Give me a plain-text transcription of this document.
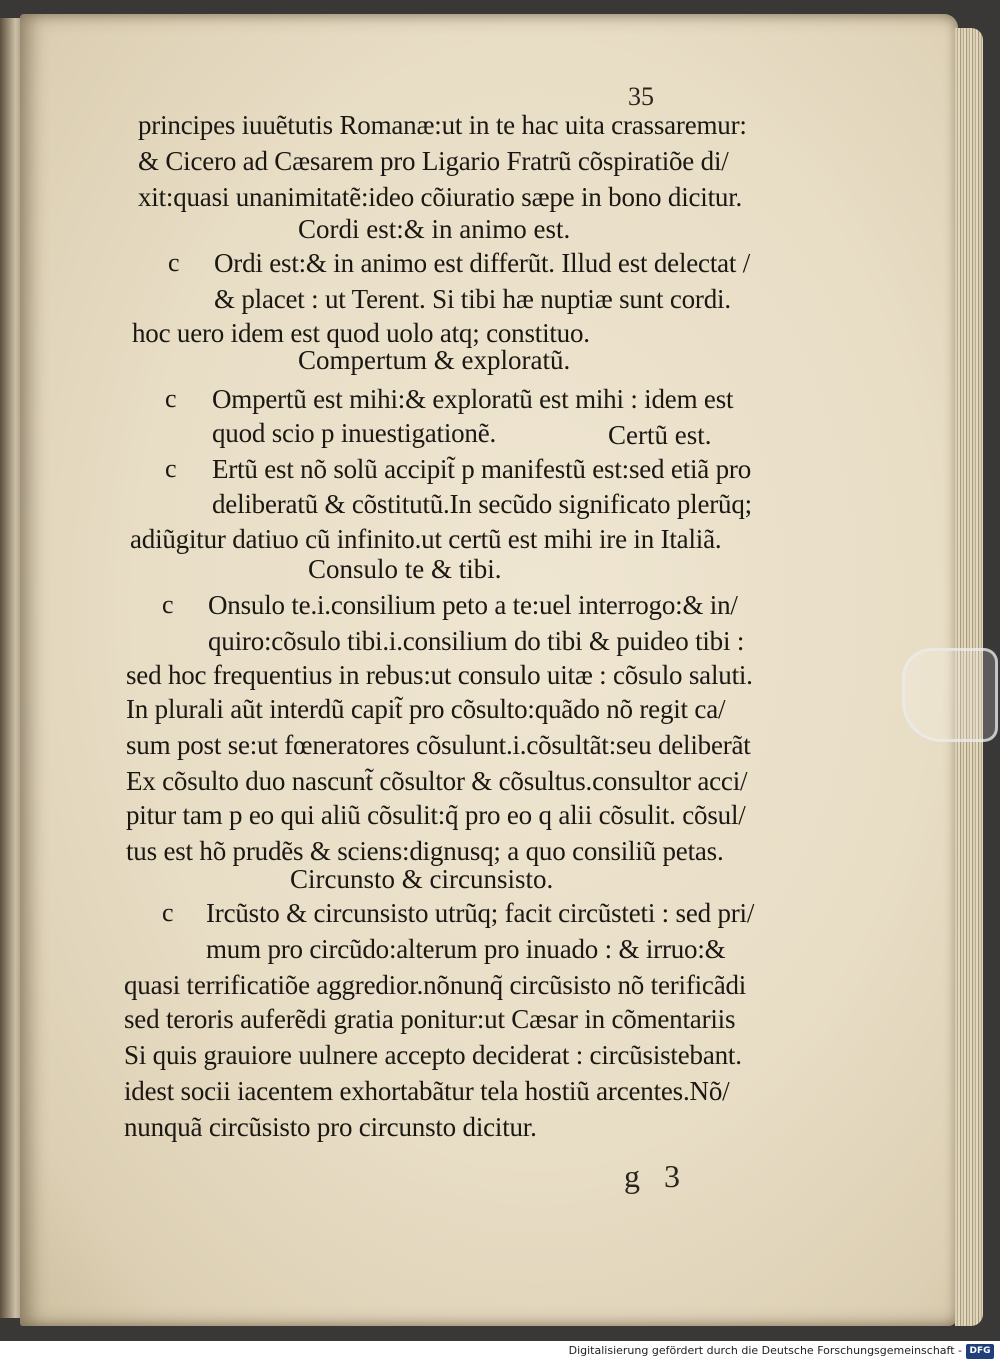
35
principes iuuẽtutis Romanæ:ut in te hac uita crassaremur:
& Cicero ad Cæsarem pro Ligario Fratrũ cõspiratiõe di/
xit:quasi unanimitatẽ:ideo cõiuratio sæpe in bono dicitur.
Cordi est:& in animo est.
c Ordi est:& in animo est differũt. Illud est delectat /
& placet : ut Terent. Si tibi hæ nuptiæ sunt cordi.
hoc uero idem est quod uolo atq; constituo.
Compertum & exploratũ.
c Ompertũ est mihi:& exploratũ est mihi : idem est
quod scio p inuestigationẽ.	Certũ est.
c Ertũ est nõ solũ accipit̃ p manifestũ est:sed etiã pro
deliberatũ & cõstitutũ.In secũdo significato plerũq;
adiũgitur datiuo cũ infinito.ut certũ est mihi ire in Italiã.
Consulo te & tibi.
c Onsulo te.i.consilium peto a te:uel interrogo:& in/
quiro:cõsulo tibi.i.consilium do tibi & puideo tibi :
sed hoc frequentius in rebus:ut consulo uitæ : cõsulo saluti.
In plurali aũt interdũ capit̃ pro cõsulto:quãdo nõ regit ca/
sum post se:ut fœneratores cõsulunt.i.cõsultãt:seu deliberãt
Ex cõsulto duo nascunt̃ cõsultor & cõsultus.consultor acci/
pitur tam p eo qui aliũ cõsulit:q̃ pro eo q alii cõsulit. cõsul/
tus est hõ prudẽs & sciens:dignusq; a quo consiliũ petas.
Circunsto & circunsisto.
c Ircũsto & circunsisto utrũq; facit circũsteti : sed pri/
mum pro circũdo:alterum pro inuado : & irruo:&
quasi terrificatiõe aggredior.nõnunq̃ circũsisto nõ terificãdi
sed teroris auferẽdi gratia ponitur:ut Cæsar in cõmentariis
Si quis grauiore uulnere accepto deciderat : circũsistebant.
idest socii iacentem exhortabãtur tela hostiũ arcentes.Nõ/
nunquã circũsisto pro circunsto dicitur.
g 3
Digitalisierung gefördert durch die Deutsche Forschungsgemeinschaft - DFG
